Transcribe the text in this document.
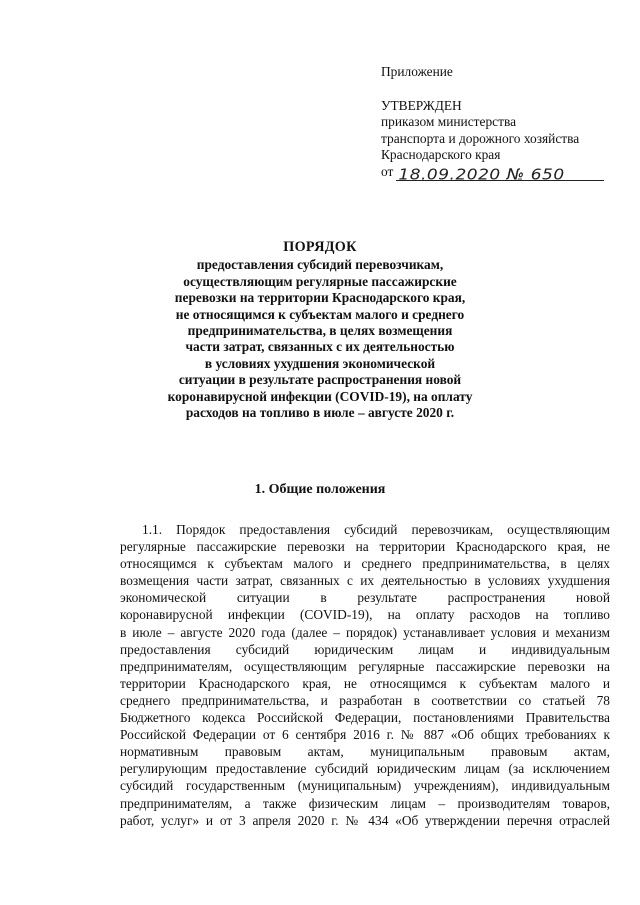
Приложение
УТВЕРЖДЕН
приказом министерства
транспорта и дорожного хозяйства
Краснодарского края
от 18.09.2020 № 650
ПОРЯДОК
предоставления субсидий перевозчикам,
осуществляющим регулярные пассажирские
перевозки на территории Краснодарского края,
не относящимся к субъектам малого и среднего
предпринимательства, в целях возмещения
части затрат, связанных с их деятельностью
в условиях ухудшения экономической
ситуации в результате распространения новой
коронавирусной инфекции (COVID-19), на оплату
расходов на топливо в июле – августе 2020 г.
1. Общие положения
1.1. Порядок предоставления субсидий перевозчикам, осуществляющим
регулярные пассажирские перевозки на территории Краснодарского края, не
относящимся к субъектам малого и среднего предпринимательства, в целях
возмещения части затрат, связанных с их деятельностью в условиях ухудшения
экономической ситуации в результате распространения новой
коронавирусной инфекции (COVID-19), на оплату расходов на топливо
в июле – августе 2020 года (далее – порядок) устанавливает условия и механизм
предоставления субсидий юридическим лицам и индивидуальным
предпринимателям, осуществляющим регулярные пассажирские перевозки на
территории Краснодарского края, не относящимся к субъектам малого и
среднего предпринимательства, и разработан в соответствии со статьей 78
Бюджетного кодекса Российской Федерации, постановлениями Правительства
Российской Федерации от 6 сентября 2016 г. № 887 «Об общих требованиях к
нормативным правовым актам, муниципальным правовым актам,
регулирующим предоставление субсидий юридическим лицам (за исключением
субсидий государственным (муниципальным) учреждениям), индивидуальным
предпринимателям, а также физическим лицам – производителям товаров,
работ, услуг» и от 3 апреля 2020 г. № 434 «Об утверждении перечня отраслей
